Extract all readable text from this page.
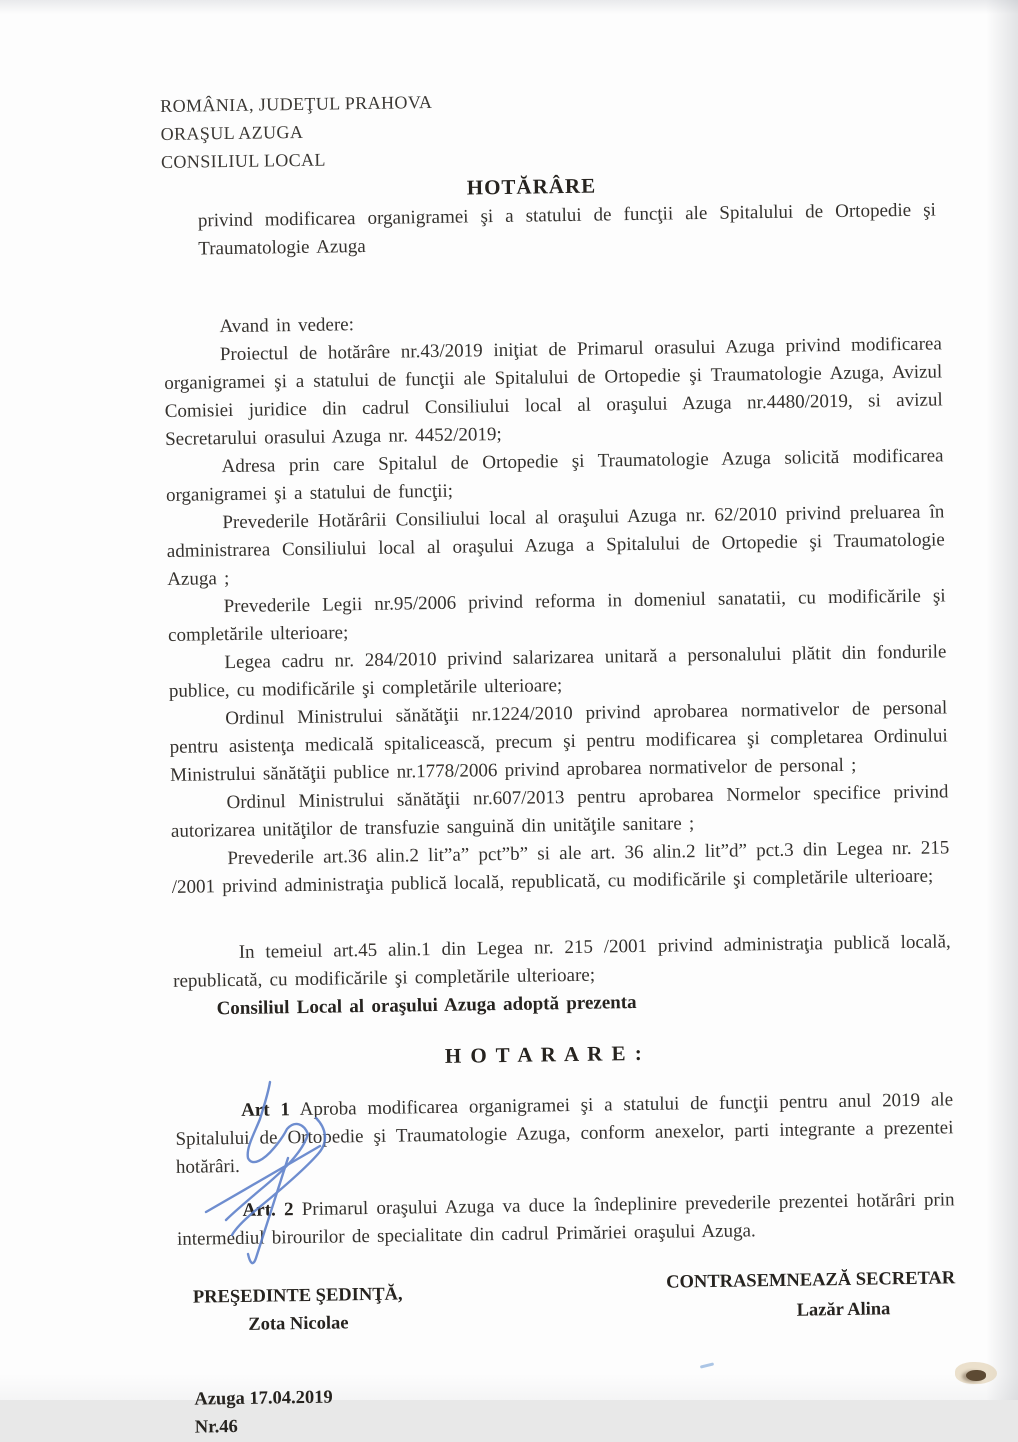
ROMÂNIA, JUDEŢUL PRAHOVA

ORAŞUL AZUGA

CONSILIUL LOCAL

HOTĂRÂRE

privind modificarea organigramei şi a statului de funcţii ale Spitalului de Ortopedie şi Traumatologie Azuga

Avand in vedere:

Proiectul de hotărâre nr.43/2019 iniţiat de Primarul orasului Azuga privind modificarea organigramei şi a statului de funcţii ale Spitalului de Ortopedie şi Traumatologie Azuga, Avizul Comisiei juridice din cadrul Consiliului local al oraşului Azuga nr.4480/2019, si avizul Secretarului orasului Azuga nr. 4452/2019;

Adresa prin care Spitalul de Ortopedie şi Traumatologie Azuga solicită modificarea organigramei şi a statului de funcţii;

Prevederile Hotărârii Consiliului local al oraşului Azuga nr. 62/2010 privind preluarea în administrarea Consiliului local al oraşului Azuga a Spitalului de Ortopedie şi Traumatologie Azuga ;

Prevederile Legii nr.95/2006 privind reforma in domeniul sanatatii, cu modificările şi completările ulterioare;

Legea cadru nr. 284/2010 privind salarizarea unitară a personalului plătit din fondurile publice, cu modificările şi completările ulterioare;

Ordinul Ministrului sănătăţii nr.1224/2010 privind aprobarea normativelor de personal pentru asistenţa medicală spitalicească, precum şi pentru modificarea şi completarea Ordinului Ministrului sănătăţii publice nr.1778/2006 privind aprobarea normativelor de personal ;

Ordinul Ministrului sănătăţii nr.607/2013 pentru aprobarea Normelor specifice privind autorizarea unităţilor de transfuzie sanguină din unităţile sanitare ;

Prevederile art.36 alin.2 lit”a” pct”b” si ale art. 36 alin.2 lit”d” pct.3 din Legea nr. 215 /2001 privind administraţia publică locală, republicată, cu modificările şi completările ulterioare;

In temeiul art.45 alin.1 din Legea nr. 215 /2001 privind administraţia publică locală, republicată, cu modificările şi completările ulterioare;

Consiliul Local al oraşului Azuga adoptă prezenta

H O T A R A R E :

Art 1 Aproba modificarea organigramei şi a statului de funcţii pentru anul 2019 ale Spitalului de Ortopedie şi Traumatologie Azuga, conform anexelor, parti integrante a prezentei hotărâri.

Art. 2 Primarul oraşului Azuga va duce la îndeplinire prevederile prezentei hotărâri prin intermediul birourilor de specialitate din cadrul Primăriei oraşului Azuga.

PREŞEDINTE ŞEDINŢĂ,

Zota Nicolae

Azuga 17.04.2019

Nr.46

CONTRASEMNEAZĂ SECRETAR

Lazăr Alina
